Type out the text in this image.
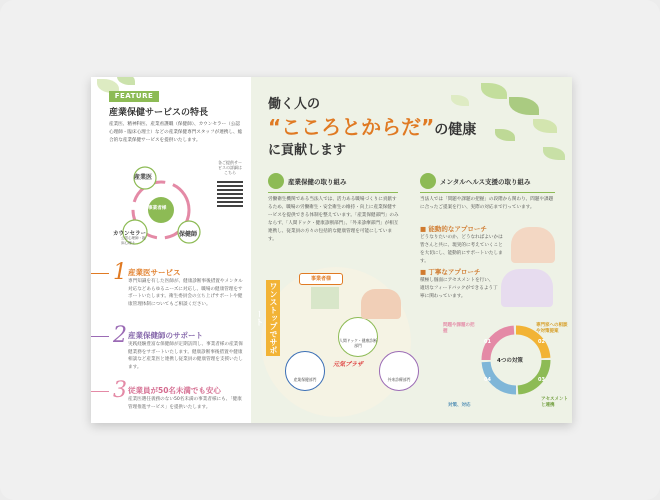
FEATURE
産業保健サービスの特長
産業医、精神科医、産業看護職（保健師）、カウンセラー（公認心理師・臨床心理士）などの産業保健専門スタッフが連携し、総合的な産業保健サービスを提供いたします。
産業医
事業者様
カウンセラー
公認心理師・臨床心理士
保健師
各ご提供サービスの詳細はこちら
1 産業医サービス
専門知識を有した医師が、健康診断事後措置やメンタル対応などあらゆるニーズに対応し、職場の健康管理をサポートいたします。衛生委員会の立ち上げサポートや健康管理体制についてもご相談ください。
2 産業保健師のサポート
実践経験豊富な保健師が定期訪問し、事業者様の産業保健業務をサポートいたします。健康診断事後措置や健康相談など産業医と連携し従業員の健康管理を支援いたします。
3 従業員が50名未満でも安心
産業医選任義務のない50名未満の事業者様にも、「健康管理推進サービス」を提供いたします。
働く人の
“こころとからだ”の健康
に貢献します
産業保健の取り組み
労働衛生機関である当法人では、活力ある職場づくりに貢献するため、職場の労働衛生・安全衛生の維持・向上に産業保健サービスを提供できる体制を整えています。「産業保健部門」のみならず、「人間ドック・健康診断部門」、「外来診療部門」が相互連携し、従業員の方々の包括的な健康管理を可能にしています。
メンタルヘルス支援の取り組み
当法人では「問題や課題の把握」の段階から関わり、問題や課題に合ったご提案を行い、実際の対応まで行っています。
■ 能動的なアプローチ
どうなりたいのか、どうなればよいかは皆さんと共に、現実的に考えていくことを大切にし、能動的にサポートいたします。
■ 丁寧なアプローチ
積極し個面にアセスメントを行い、適切なフィードバックができるよう丁寧に関わっています。
ワンストップでサポート
事業者様
人間ドック・健康診断部門
産業保健部門	外来診療部門
元気プラザ	4つの対策
01	02
03
04
問題や課題の把握
専門家への相談や対策提案
アセスメントと連携
対策、対応
